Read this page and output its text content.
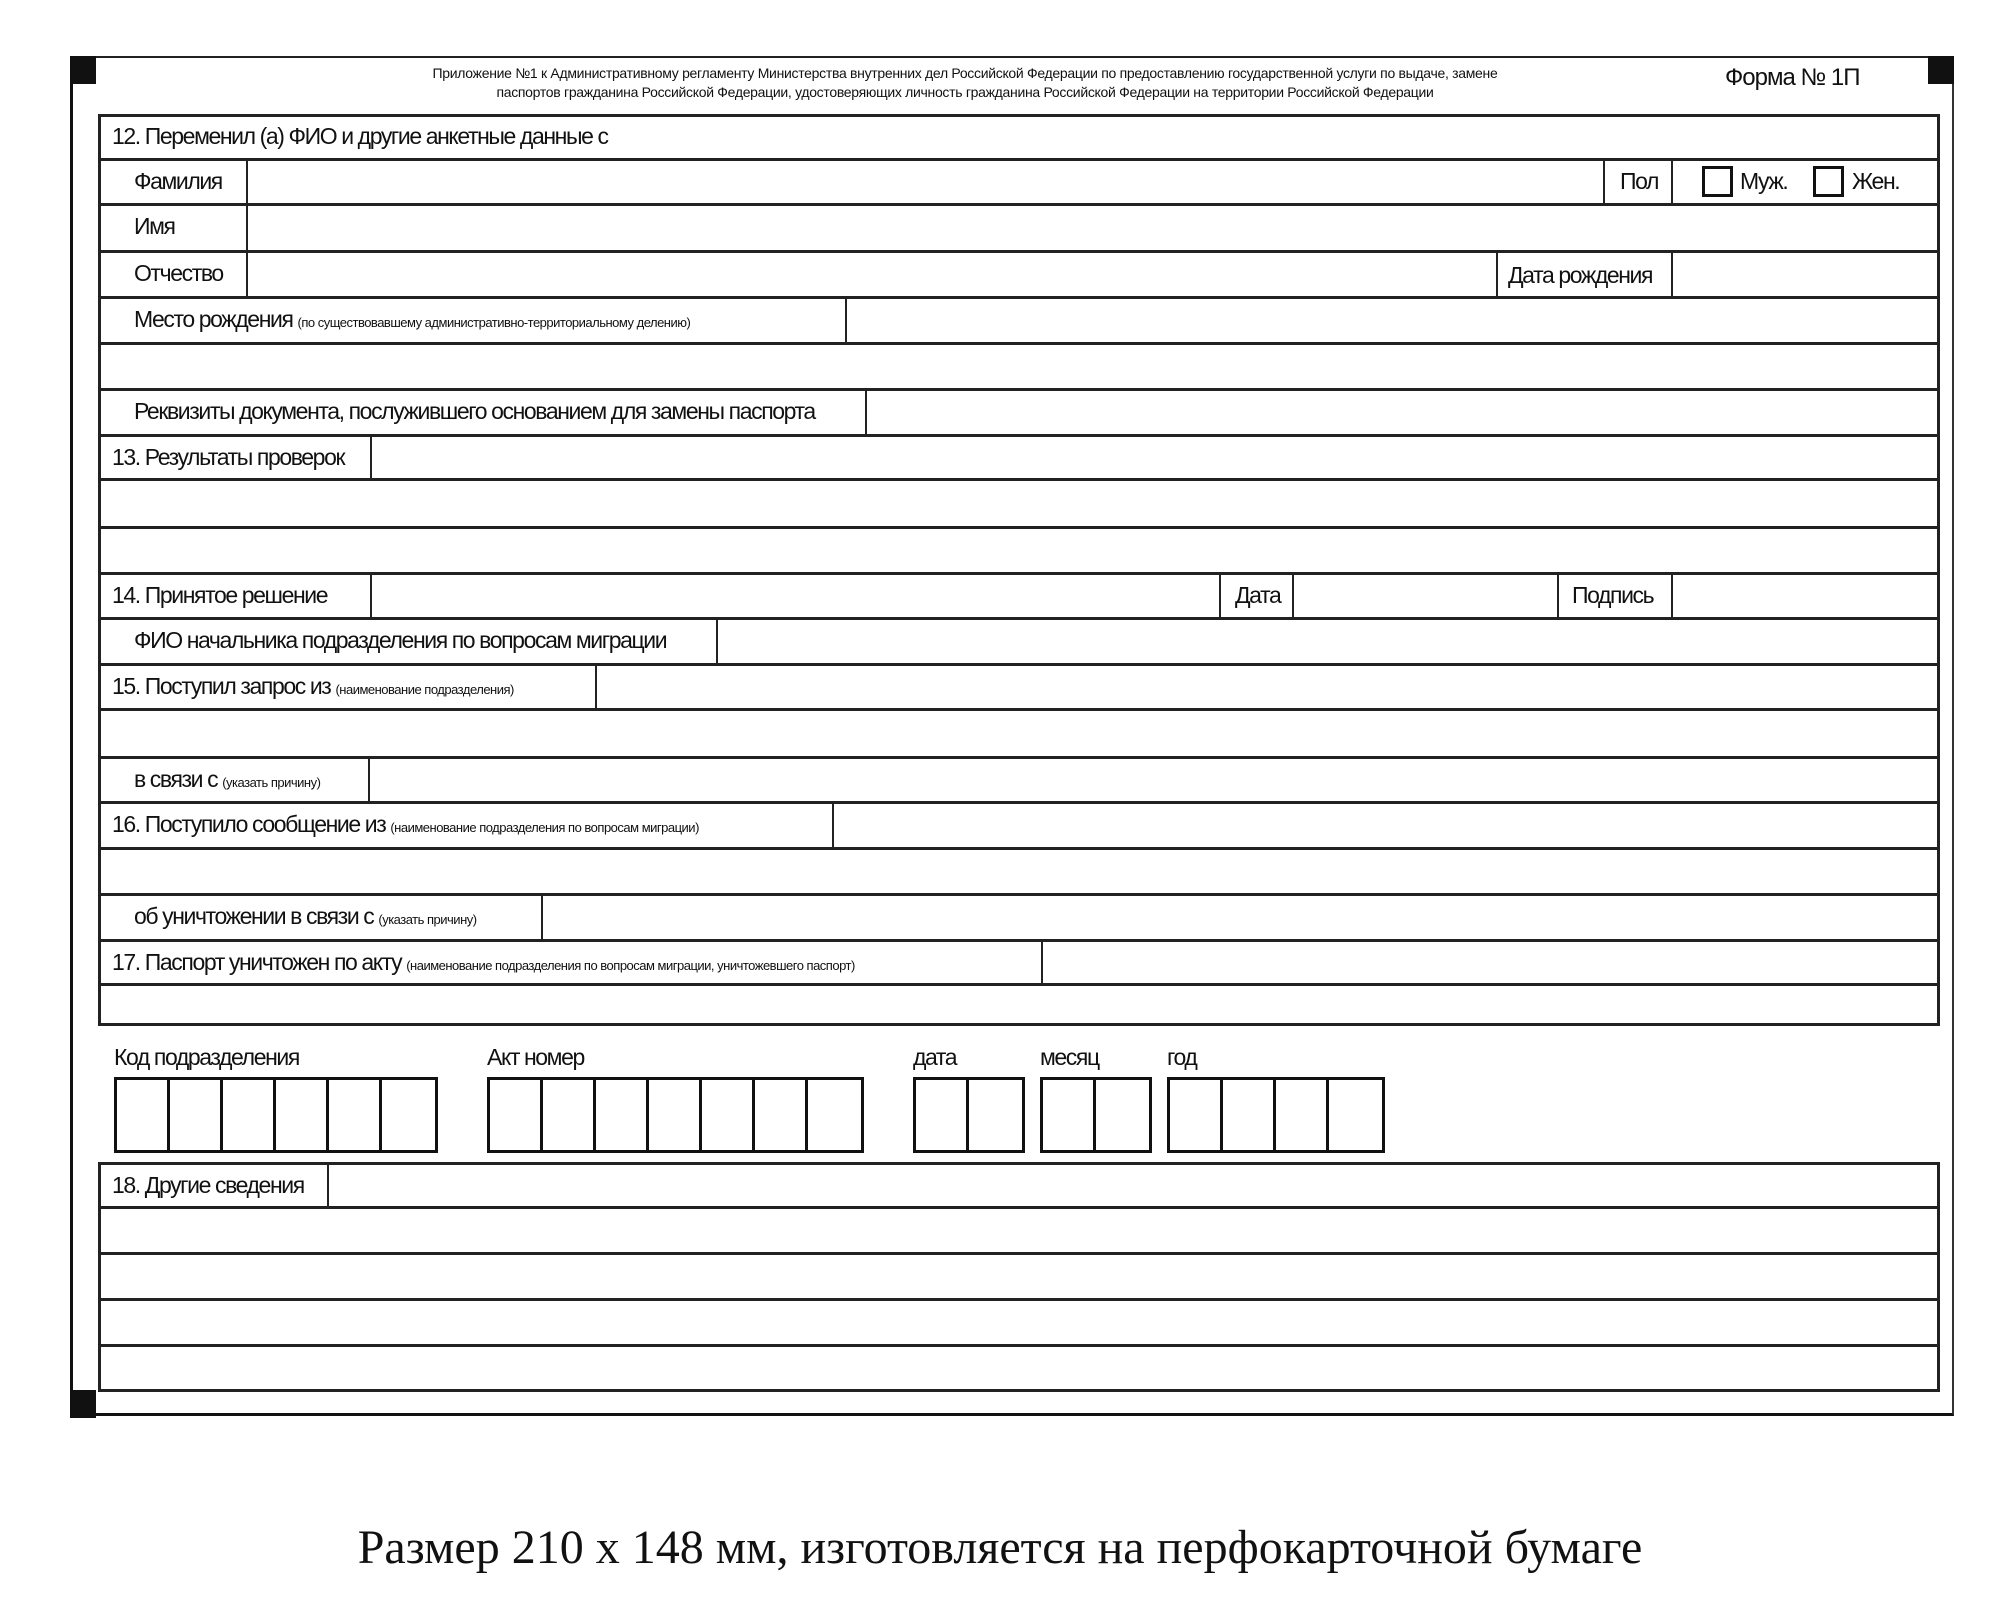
Приложение №1 к Административному регламенту Министерства внутренних дел Российской Федерации по предоставлению государственной услуги по выдаче, замене
паспортов гражданина Российской Федерации, удостоверяющих личность гражданина Российской Федерации на территории Российской Федерации
Форма № 1П
12. Переменил (а) ФИО и другие анкетные данные с
Фамилия	Пол	Муж.	Жен.
Имя
Отчество	Дата рождения
Место рождения (по существовавшему административно-территориальному делению)
Реквизиты документа, послужившего основанием для замены паспорта
13. Результаты проверок
14. Принятое решение	Дата	Подпись
ФИО начальника подразделения по вопросам миграции
15. Поступил запрос из (наименование подразделения)
в связи с (указать причину)
16. Поступило сообщение из (наименование подразделения по вопросам миграции)
об уничтожении в связи с (указать причину)
17. Паспорт уничтожен по акту (наименование подразделения по вопросам миграции, уничтожевшего паспорт)
Код подразделения	Акт номер	дата	месяц	год
18. Другие сведения
Размер 210 х 148 мм, изготовляется на перфокарточной бумаге
